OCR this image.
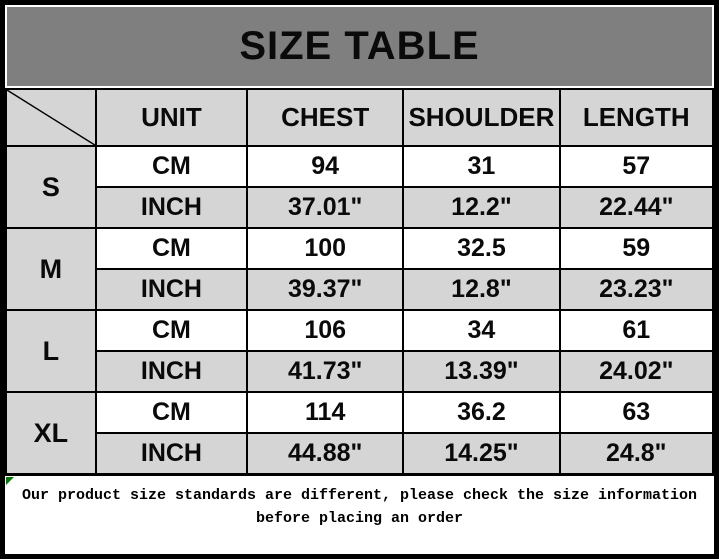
SIZE TABLE
	UNIT	CHEST	SHOULDER	LENGTH
S	CM	94	31	57
	INCH	37.01"	12.2"	22.44"
M	CM	100	32.5	59
	INCH	39.37"	12.8"	23.23"
L	CM	106	34	61
	INCH	41.73"	13.39"	24.02"
XL	CM	114	36.2	63
	INCH	44.88"	14.25"	24.8"
Our product size standards are different, please check the size information
before placing an order
